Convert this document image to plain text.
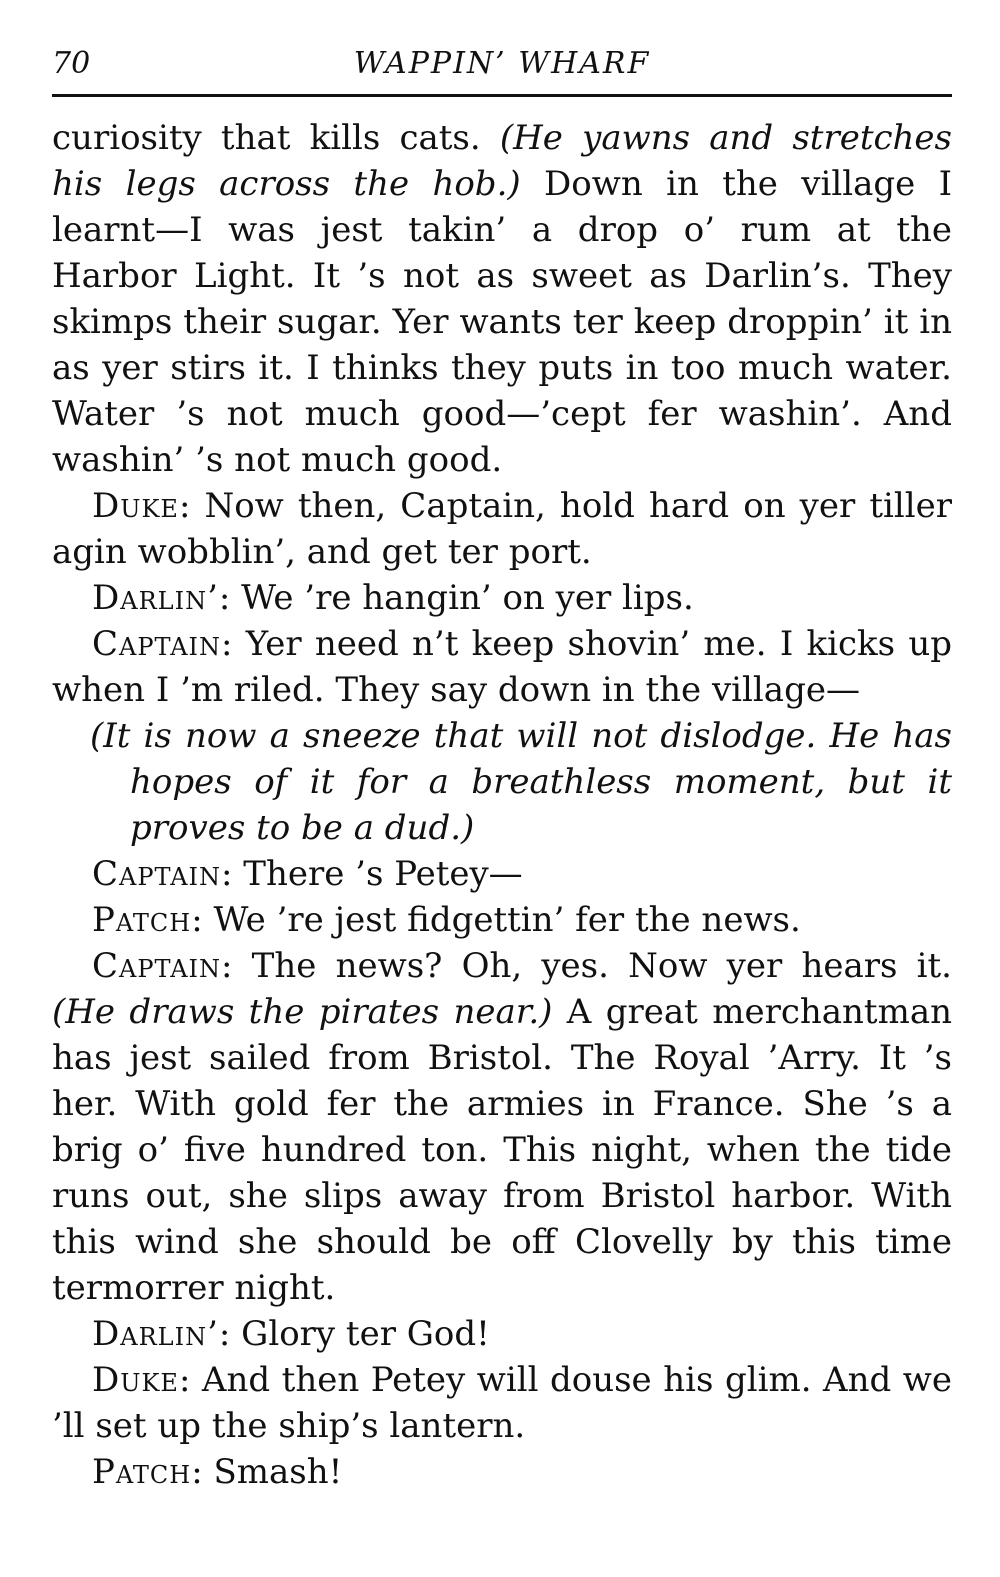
70	WAPPIN’ WHARF

curiosity that kills cats. (He yawns and stretches his legs across the hob.) Down in the village I learnt—I was jest takin’ a drop o’ rum at the Harbor Light. It ’s not as sweet as Darlin’s. They skimps their sugar. Yer wants ter keep droppin’ it in as yer stirs it. I thinks they puts in too much water. Water ’s not much good—’cept fer washin’. And washin’ ’s not much good.

Duke: Now then, Captain, hold hard on yer tiller agin wobblin’, and get ter port.

Darlin’: We ’re hangin’ on yer lips.

Captain: Yer need n’t keep shovin’ me. I kicks up when I ’m riled. They say down in the village—

(It is now a sneeze that will not dislodge. He has hopes of it for a breathless moment, but it proves to be a dud.)

Captain: There ’s Petey—

Patch: We ’re jest fidgettin’ fer the news.

Captain: The news? Oh, yes. Now yer hears it. (He draws the pirates near.) A great merchantman has jest sailed from Bristol. The Royal ’Arry. It ’s her. With gold fer the armies in France. She ’s a brig o’ five hundred ton. This night, when the tide runs out, she slips away from Bristol harbor. With this wind she should be off Clovelly by this time termorrer night.

Darlin’: Glory ter God!

Duke: And then Petey will douse his glim. And we ’ll set up the ship’s lantern.

Patch: Smash!
